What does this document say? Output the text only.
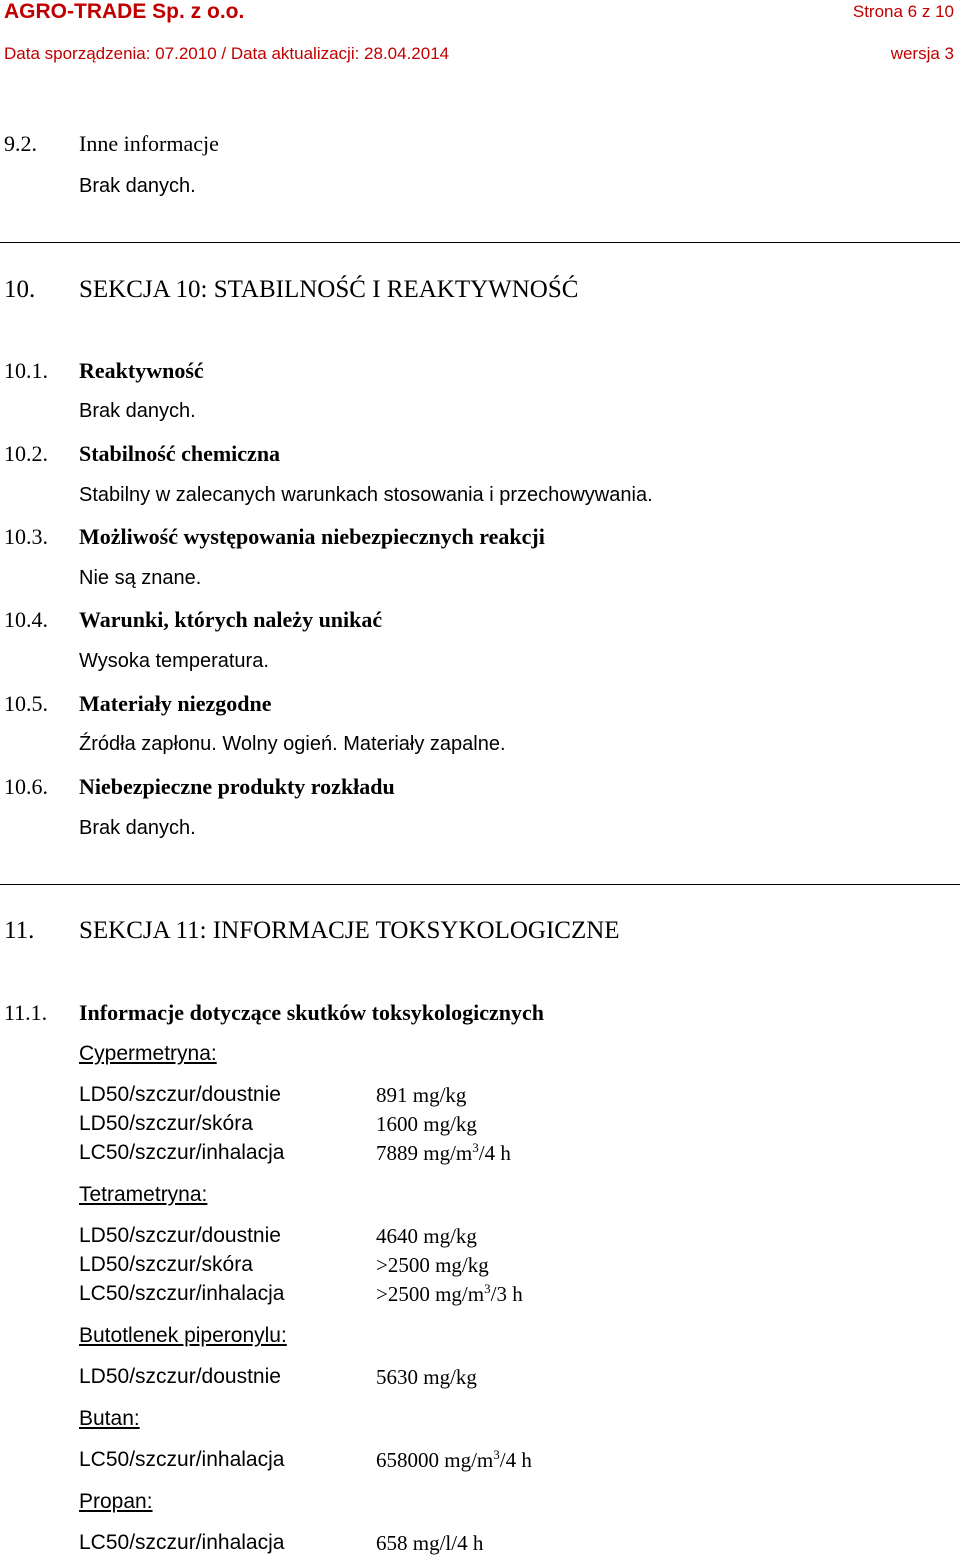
AGRO-TRADE Sp. z o.o.	Strona 6 z 10
Data sporządzenia: 07.2010 / Data aktualizacji: 28.04.2014	wersja 3
9.2. Inne informacje
Brak danych.
10. SEKCJA 10: STABILNOŚĆ I REAKTYWNOŚĆ
10.1. Reaktywność
Brak danych.
10.2. Stabilność chemiczna
Stabilny w zalecanych warunkach stosowania i przechowywania.
10.3. Możliwość występowania niebezpiecznych reakcji
Nie są znane.
10.4. Warunki, których należy unikać
Wysoka temperatura.
10.5. Materiały niezgodne
Źródła zapłonu. Wolny ogień. Materiały zapalne.
10.6. Niebezpieczne produkty rozkładu
Brak danych.
11. SEKCJA 11: INFORMACJE TOKSYKOLOGICZNE
11.1. Informacje dotyczące skutków toksykologicznych
Cypermetryna:
LD50/szczur/doustnie	891 mg/kg
LD50/szczur/skóra	1600 mg/kg
LC50/szczur/inhalacja	7889 $mg/m^3/4$ h
Tetrametryna:
LD50/szczur/doustnie	4640 mg/kg
LD50/szczur/skóra	>2500 mg/kg
LC50/szczur/inhalacja	>2500 $mg/m^3/3$ h
Butotlenek piperonylu:
LD50/szczur/doustnie	5630 mg/kg
Butan:
LC50/szczur/inhalacja	658000 $mg/m^3/4$ h
Propan:
LC50/szczur/inhalacja	658 mg/l/4 h
